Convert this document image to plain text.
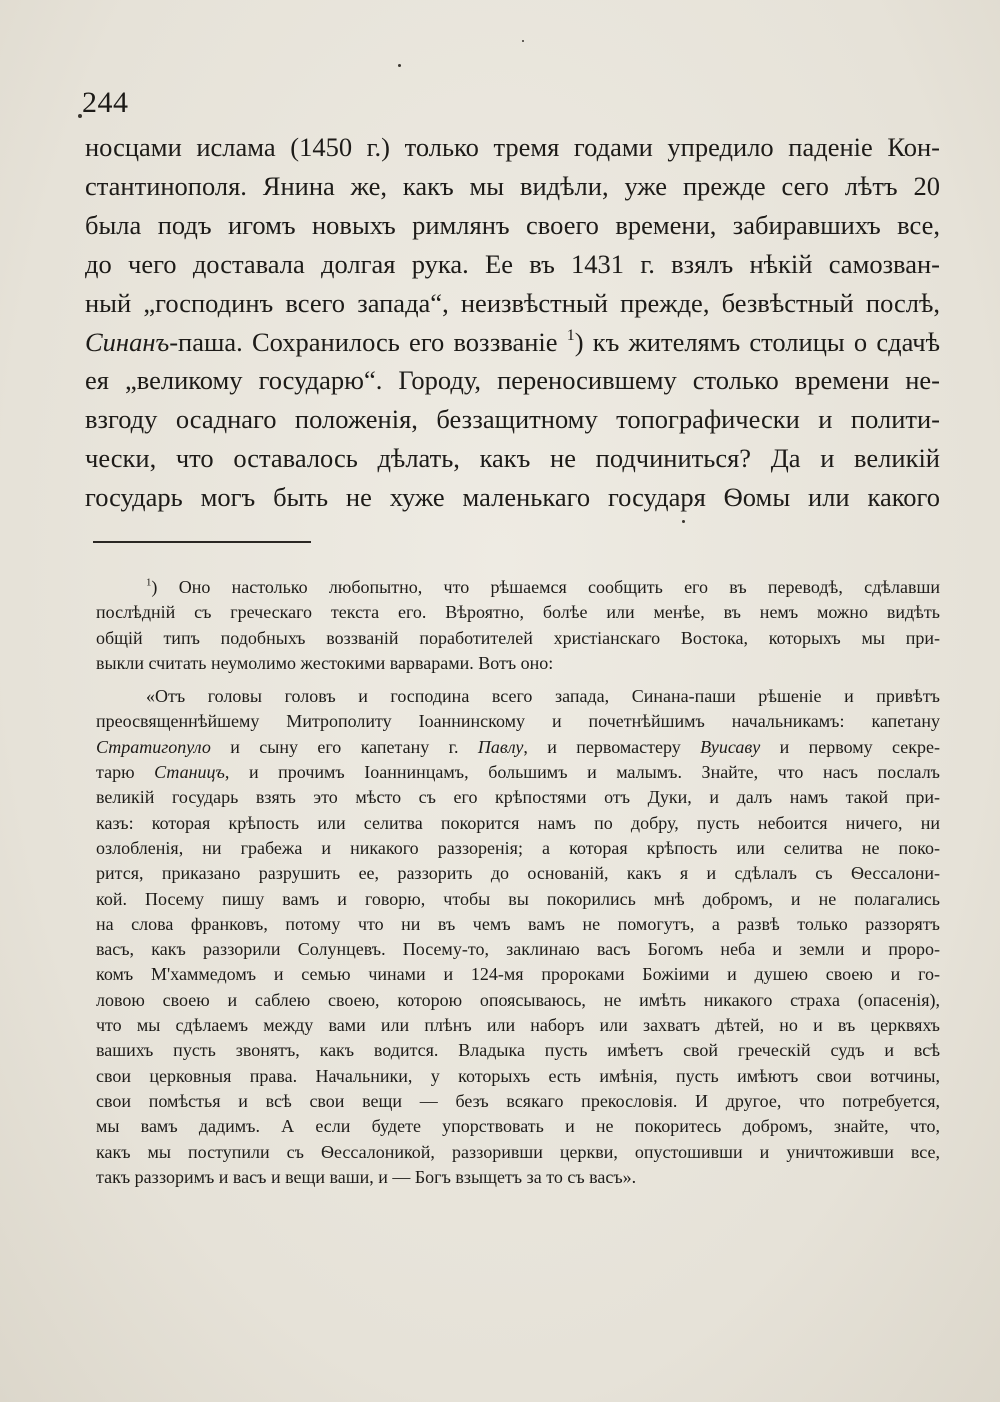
244
носцами ислама (1450 г.) только тремя годами упредило паденіе Кон-
стантинополя. Янина же, какъ мы видѣли, уже прежде сего лѣтъ 20
была подъ игомъ новыхъ римлянъ своего времени, забиравшихъ все,
до чего доставала долгая рука. Ее въ 1431 г. взялъ нѣкій самозван-
ный „господинъ всего запада“, неизвѣстный прежде, безвѣстный послѣ,
Синанъ-паша. Сохранилось его воззваніе $^1$) къ жителямъ столицы о сдачѣ
ея „великому государю“. Городу, переносившему столько времени не-
взгоду осаднаго положенія, беззащитному топографически и полити-
чески, что оставалось дѣлать, какъ не подчиниться? Да и великій
государь могъ быть не хуже маленькаго государя Ѳомы или какого
$^1$) Оно настолько любопытно, что рѣшаемся сообщить его въ переводѣ, сдѣлавши
послѣдній съ греческаго текста его. Вѣроятно, болѣе или менѣе, въ немъ можно видѣть
общій типъ подобныхъ воззваній поработителей христіанскаго Востока, которыхъ мы при-
выкли считать неумолимо жестокими варварами. Вотъ оно:
«Отъ головы головъ и господина всего запада, Синана-паши рѣшеніе и привѣтъ
преосвященнѣйшему Митрополиту Іоаннинскому и почетнѣйшимъ начальникамъ: капетану
Стратигопуло и сыну его капетану г. Павлу, и первомастеру Вуисаву и первому секре-
тарю Станицъ, и прочимъ Іоаннинцамъ, большимъ и малымъ. Знайте, что насъ послалъ
великій государь взять это мѣсто съ его крѣпостями отъ Дуки, и далъ намъ такой при-
казъ: которая крѣпость или селитва покорится намъ по добру, пусть небоится ничего, ни
озлобленія, ни грабежа и никакого раззоренія; а которая крѣпость или селитва не поко-
рится, приказано разрушить ее, раззорить до основаній, какъ я и сдѣлалъ съ Ѳессалони-
кой. Посему пишу вамъ и говорю, чтобы вы покорились мнѣ добромъ, и не полагались
на слова франковъ, потому что ни въ чемъ вамъ не помогутъ, а развѣ только раззорятъ
васъ, какъ раззорили Солунцевъ. Посему-то, заклинаю васъ Богомъ неба и земли и проро-
комъ М'хаммедомъ и семью чинами и 124-мя пророками Божіими и душею своею и го-
ловою своею и саблею своею, которою опоясываюсь, не имѣть никакого страха (опасенія),
что мы сдѣлаемъ между вами или плѣнъ или наборъ или захватъ дѣтей, но и въ церквяхъ
вашихъ пусть звонятъ, какъ водится. Владыка пусть имѣетъ свой греческій судъ и всѣ
свои церковныя права. Начальники, у которыхъ есть имѣнія, пусть имѣютъ свои вотчины,
свои помѣстья и всѣ свои вещи — безъ всякаго прекословія. И другое, что потребуется,
мы вамъ дадимъ. А если будете упорствовать и не покоритесь добромъ, знайте, что,
какъ мы поступили съ Ѳессалоникой, раззоривши церкви, опустошивши и уничтоживши все,
такъ раззоримъ и васъ и вещи ваши, и — Богъ взыщетъ за то съ васъ».
